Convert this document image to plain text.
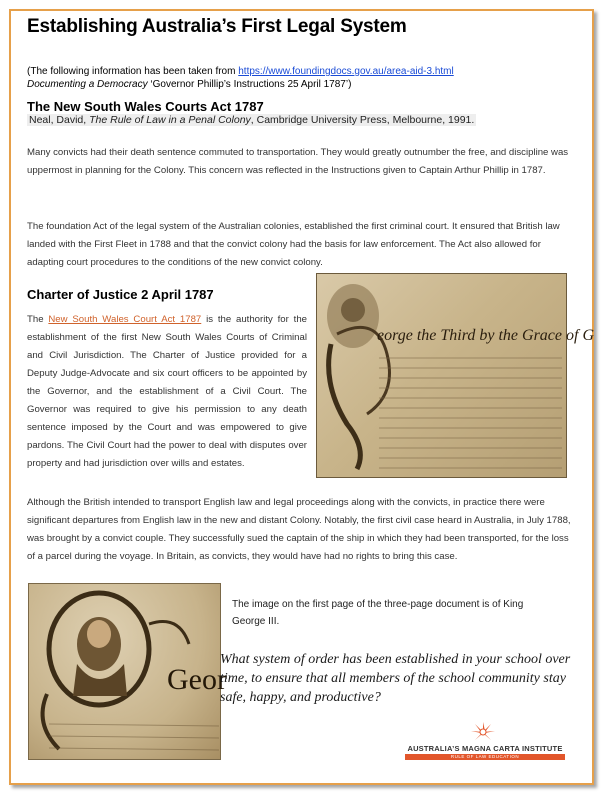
Establishing Australia’s First Legal System
(The following information has been taken from https://www.foundingdocs.gov.au/area-aid-3.html
Documenting a Democracy ‘Governor Phillip’s Instructions 25 April 1787’)
The New South Wales Courts Act 1787
Neal, David, The Rule of Law in a Penal Colony, Cambridge University Press, Melbourne, 1991.
Many convicts had their death sentence commuted to transportation. They would greatly outnumber the free, and discipline was uppermost in planning for the Colony. This concern was reflected in the Instructions given to Captain Arthur Phillip in 1787.
The foundation Act of the legal system of the Australian colonies, established the first criminal court. It ensured that British law landed with the First Fleet in 1788 and that the convict colony had the basis for law enforcement. The Act also allowed for adapting court procedures to the conditions of the new convict colony.
Charter of Justice 2 April 1787
The New South Wales Court Act 1787 is the authority for the establishment of the first New South Wales Courts of Criminal and Civil Jurisdiction. The Charter of Justice provided for a Deputy Judge-Advocate and six court officers to be appointed by the Governor, and the establishment of a Civil Court. The Governor was required to give his permission to any death sentence imposed by the Court and was empowered to give pardons. The Civil Court had the power to deal with disputes over property and had jurisdiction over wills and estates.
eorge the Third by the Grace of G
Although the British intended to transport English law and legal proceedings along with the convicts, in practice there were significant departures from English law in the new and distant Colony. Notably, the first civil case heard in Australia, in July 1788, was brought by a convict couple. They successfully sued the captain of the ship in which they had been transported, for the loss of a parcel during the voyage. In Britain, as convicts, they would have had no rights to bring this case.
Geor
The image on the first page of the three-page document is of King George III.
What system of order has been established in your school over time, to ensure that all members of the school community stay safe, happy, and productive?
AUSTRALIA’S MAGNA CARTA INSTITUTE
RULE OF LAW EDUCATION
